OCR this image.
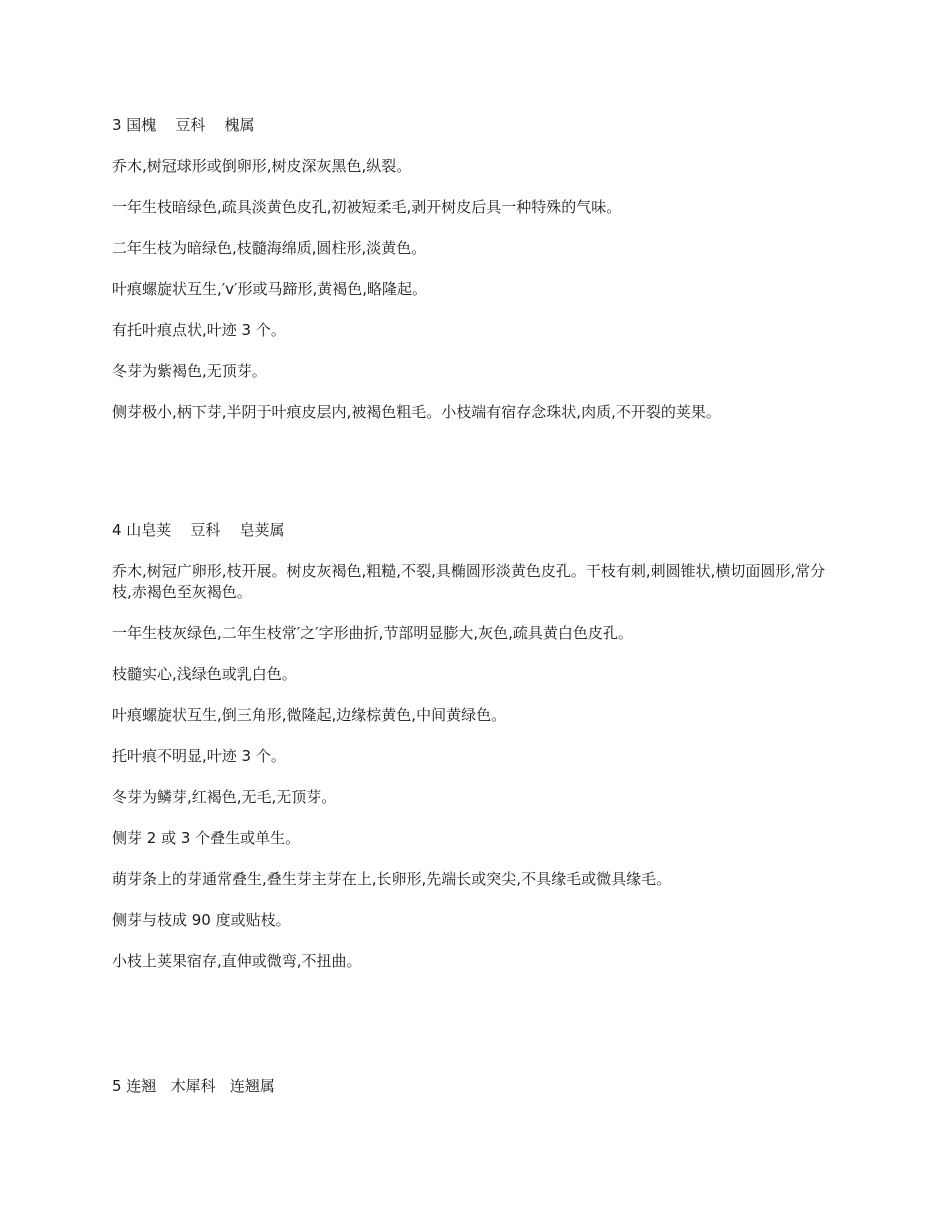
3 国槐    豆科    槐属

乔木,树冠球形或倒卵形,树皮深灰黑色,纵裂。

一年生枝暗绿色,疏具淡黄色皮孔,初被短柔毛,剥开树皮后具一种特殊的气味。

二年生枝为暗绿色,枝髓海绵质,圆柱形,淡黄色。

叶痕螺旋状互生,′v′形或马蹄形,黄褐色,略隆起。

有托叶痕点状,叶迹 3 个。

冬芽为紫褐色,无顶芽。

侧芽极小,柄下芽,半阴于叶痕皮层内,被褐色粗毛。小枝端有宿存念珠状,肉质,不开裂的荚果。

4 山皂荚    豆科    皂荚属

乔木,树冠广卵形,枝开展。树皮灰褐色,粗糙,不裂,具椭圆形淡黄色皮孔。干枝有刺,刺圆锥状,横切面圆形,常分枝,赤褐色至灰褐色。

一年生枝灰绿色,二年生枝常′之′字形曲折,节部明显膨大,灰色,疏具黄白色皮孔。

枝髓实心,浅绿色或乳白色。

叶痕螺旋状互生,倒三角形,微隆起,边缘棕黄色,中间黄绿色。

托叶痕不明显,叶迹 3 个。

冬芽为鳞芽,红褐色,无毛,无顶芽。

侧芽 2 或 3 个叠生或单生。

萌芽条上的芽通常叠生,叠生芽主芽在上,长卵形,先端长或突尖,不具缘毛或微具缘毛。

侧芽与枝成 90 度或贴枝。

小枝上荚果宿存,直伸或微弯,不扭曲。

5 连翘   木犀科   连翘属
